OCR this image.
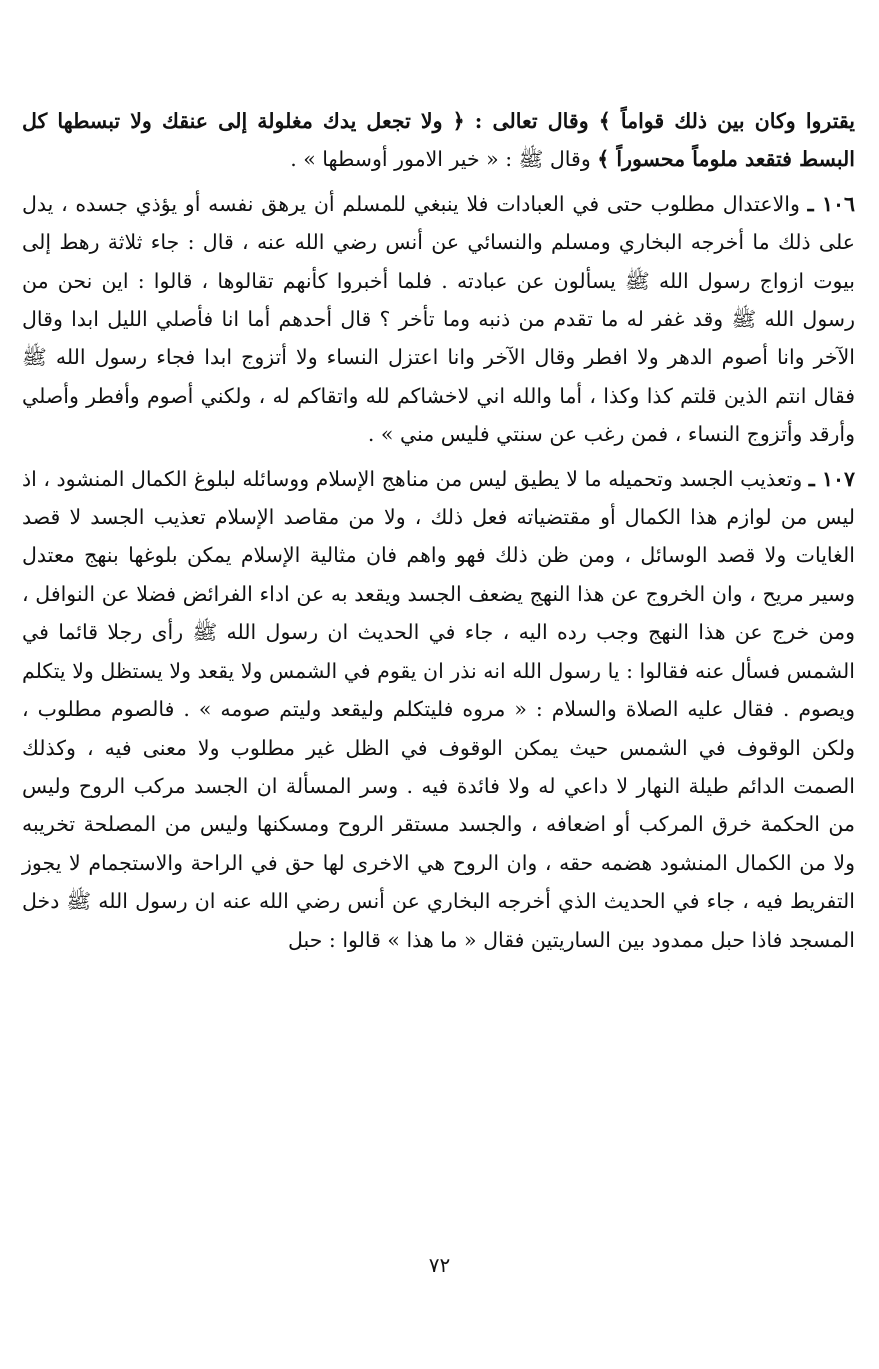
يقتروا وكان بين ذلك قواماً ﴾ وقال تعالى : ﴿ ولا تجعل يدك مغلولة إلى عنقك ولا تبسطها كل البسط فتقعد ملوماً محسوراً ﴾ وقال ﷺ : « خير الامور أوسطها » .

١٠٦ ـ والاعتدال مطلوب حتى في العبادات فلا ينبغي للمسلم أن يرهق نفسه أو يؤذي جسده ، يدل على ذلك ما أخرجه البخاري ومسلم والنسائي عن أنس رضي الله عنه ، قال : جاء ثلاثة رهط إلى بيوت ازواج رسول الله ﷺ يسألون عن عبادته . فلما أخبروا كأنهم تقالوها ، قالوا : اين نحن من رسول الله ﷺ وقد غفر له ما تقدم من ذنبه وما تأخر ؟ قال أحدهم أما انا فأصلي الليل ابدا وقال الآخر وانا أصوم الدهر ولا افطر وقال الآخر وانا اعتزل النساء ولا أتزوج ابدا فجاء رسول الله ﷺ فقال انتم الذين قلتم كذا وكذا ، أما والله اني لاخشاكم لله واتقاكم له ، ولكني أصوم وأفطر وأصلي وأرقد وأتزوج النساء ، فمن رغب عن سنتي فليس مني » .

١٠٧ ـ وتعذيب الجسد وتحميله ما لا يطيق ليس من مناهج الإسلام ووسائله لبلوغ الكمال المنشود ، اذ ليس من لوازم هذا الكمال أو مقتضياته فعل ذلك ، ولا من مقاصد الإسلام تعذيب الجسد لا قصد الغايات ولا قصد الوسائل ، ومن ظن ذلك فهو واهم فان مثالية الإسلام يمكن بلوغها بنهج معتدل وسير مريح ، وان الخروج عن هذا النهج يضعف الجسد ويقعد به عن اداء الفرائض فضلا عن النوافل ، ومن خرج عن هذا النهج وجب رده اليه ، جاء في الحديث ان رسول الله ﷺ رأى رجلا قائما في الشمس فسأل عنه فقالوا : يا رسول الله انه نذر ان يقوم في الشمس ولا يقعد ولا يستظل ولا يتكلم ويصوم . فقال عليه الصلاة والسلام : « مروه فليتكلم وليقعد وليتم صومه » . فالصوم مطلوب ، ولكن الوقوف في الشمس حيث يمكن الوقوف في الظل غير مطلوب ولا معنى فيه ، وكذلك الصمت الدائم طيلة النهار لا داعي له ولا فائدة فيه . وسر المسألة ان الجسد مركب الروح وليس من الحكمة خرق المركب أو اضعافه ، والجسد مستقر الروح ومسكنها وليس من المصلحة تخريبه ولا من الكمال المنشود هضمه حقه ، وان الروح هي الاخرى لها حق في الراحة والاستجمام لا يجوز التفريط فيه ، جاء في الحديث الذي أخرجه البخاري عن أنس رضي الله عنه ان رسول الله ﷺ دخل المسجد فاذا حبل ممدود بين الساريتين فقال « ما هذا » قالوا : حبل

٧٢
